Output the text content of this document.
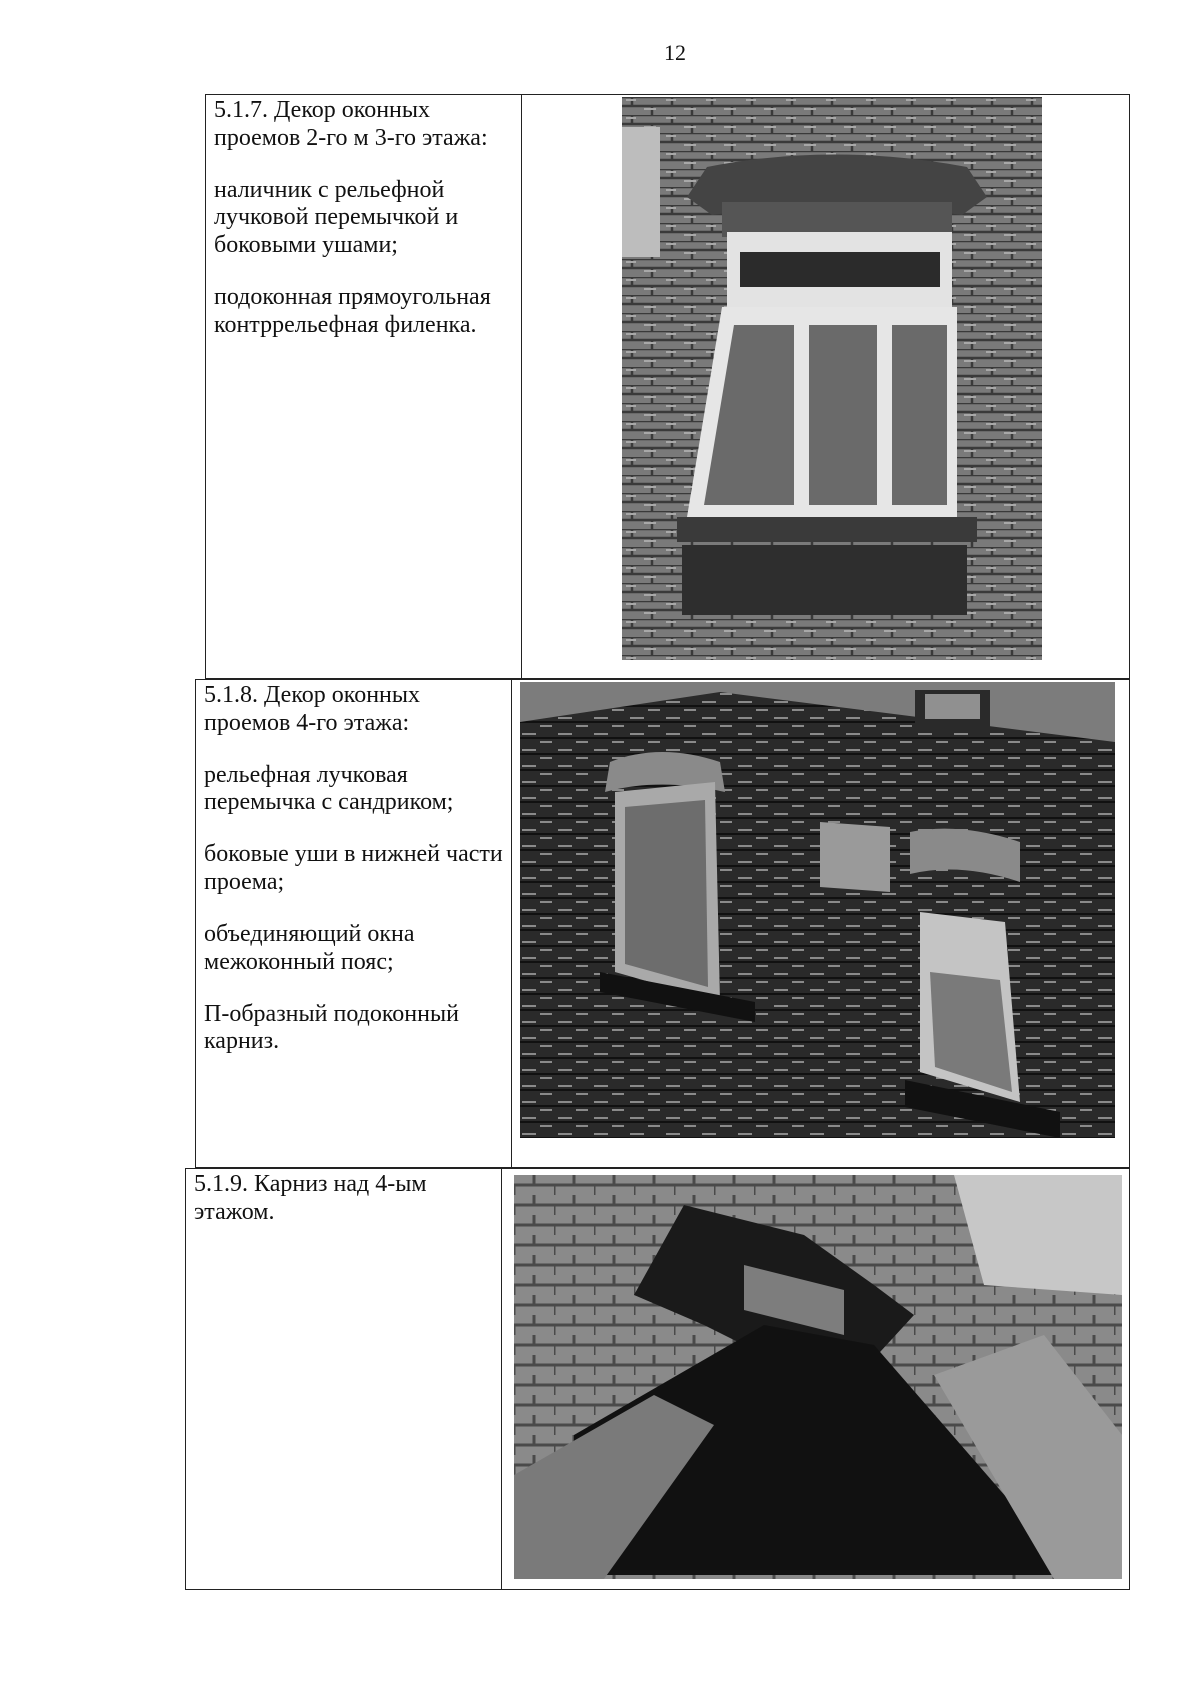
12

5.1.7. Декор оконных проемов 2-го м 3-го этажа:

наличник с рельефной лучковой перемычкой и боковыми ушами;

подоконная прямоугольная контррельефная филенка.

5.1.8. Декор оконных проемов 4-го этажа:

рельефная лучковая перемычка с сандриком;

боковые уши в нижней части проема;

объединяющий окна межоконный пояс;

П-образный подоконный карниз.

5.1.9. Карниз над 4-ым этажом.
